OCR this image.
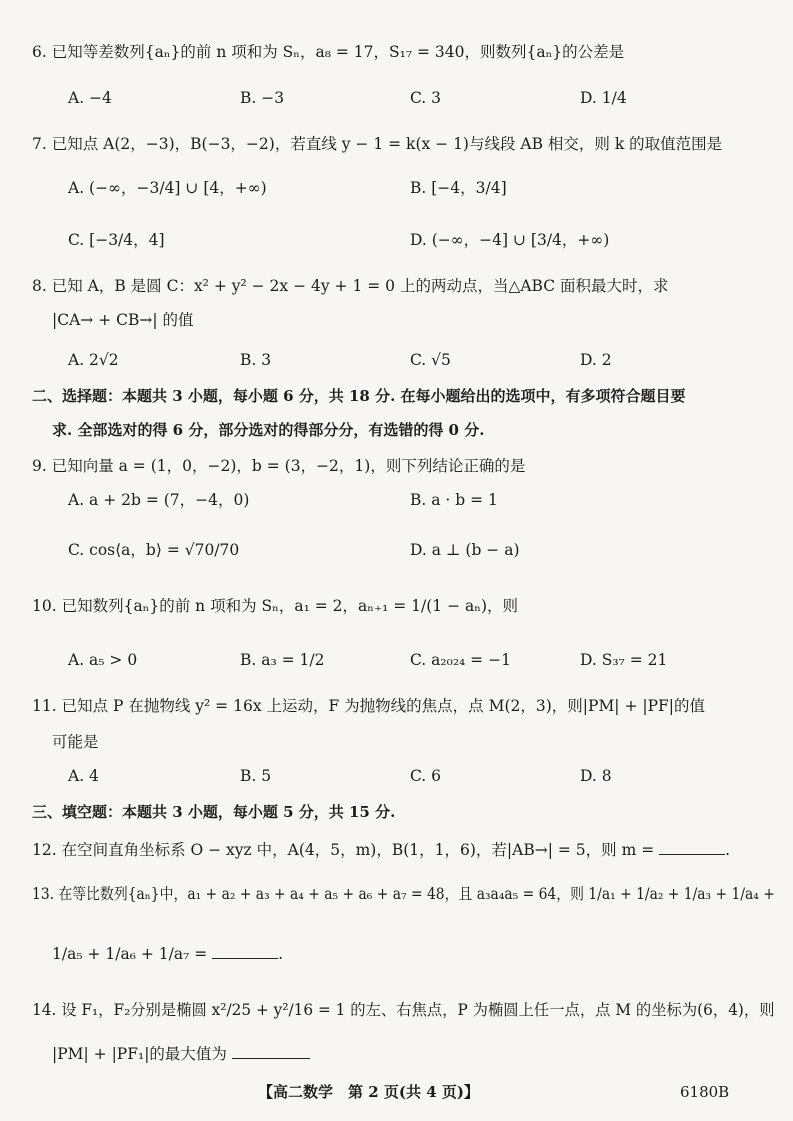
6. 已知等差数列{aₙ}的前 n 项和为 Sₙ，a₈ = 17，S₁₇ = 340，则数列{aₙ}的公差是
A. −4	B. −3	C. 3	D. 1/4
7. 已知点 A(2，−3)，B(−3，−2)，若直线 y − 1 = k(x − 1)与线段 AB 相交，则 k 的取值范围是
A. (−∞，−3/4] ∪ [4，+∞)	B. [−4，3/4]
C. [−3/4，4]	D. (−∞，−4] ∪ [3/4，+∞)
8. 已知 A，B 是圆 C：x² + y² − 2x − 4y + 1 = 0 上的两动点，当△ABC 面积最大时，求
|CA→ + CB→| 的值
A. 2√2	B. 3	C. √5	D. 2
二、选择题：本题共 3 小题，每小题 6 分，共 18 分. 在每小题给出的选项中，有多项符合题目要
求. 全部选对的得 6 分，部分选对的得部分分，有选错的得 0 分.
9. 已知向量 a = (1，0，−2)，b = (3，−2，1)，则下列结论正确的是
A. a + 2b = (7，−4，0)	B. a · b = 1
C. cos⟨a，b⟩ = √70/70	D. a ⊥ (b − a)
10. 已知数列{aₙ}的前 n 项和为 Sₙ，a₁ = 2，aₙ₊₁ = 1/(1 − aₙ)，则
A. a₅ > 0	B. a₃ = 1/2	C. a₂₀₂₄ = −1	D. S₃₇ = 21
11. 已知点 P 在抛物线 y² = 16x 上运动，F 为抛物线的焦点，点 M(2，3)，则|PM| + |PF|的值
可能是
A. 4	B. 5	C. 6	D. 8
三、填空题：本题共 3 小题，每小题 5 分，共 15 分.
12. 在空间直角坐标系 O − xyz 中，A(4，5，m)，B(1，1，6)，若|AB→| = 5，则 m =	.
13. 在等比数列{aₙ}中，a₁ + a₂ + a₃ + a₄ + a₅ + a₆ + a₇ = 48，且 a₃a₄a₅ = 64，则 1/a₁ + 1/a₂ + 1/a₃ + 1/a₄ +
1/a₅ + 1/a₆ + 1/a₇ =	.
14. 设 F₁，F₂分别是椭圆 x²/25 + y²/16 = 1 的左、右焦点，P 为椭圆上任一点，点 M 的坐标为(6，4)，则
|PM| + |PF₁|的最大值为
【高二数学　第 2 页(共 4 页)】	6180B
